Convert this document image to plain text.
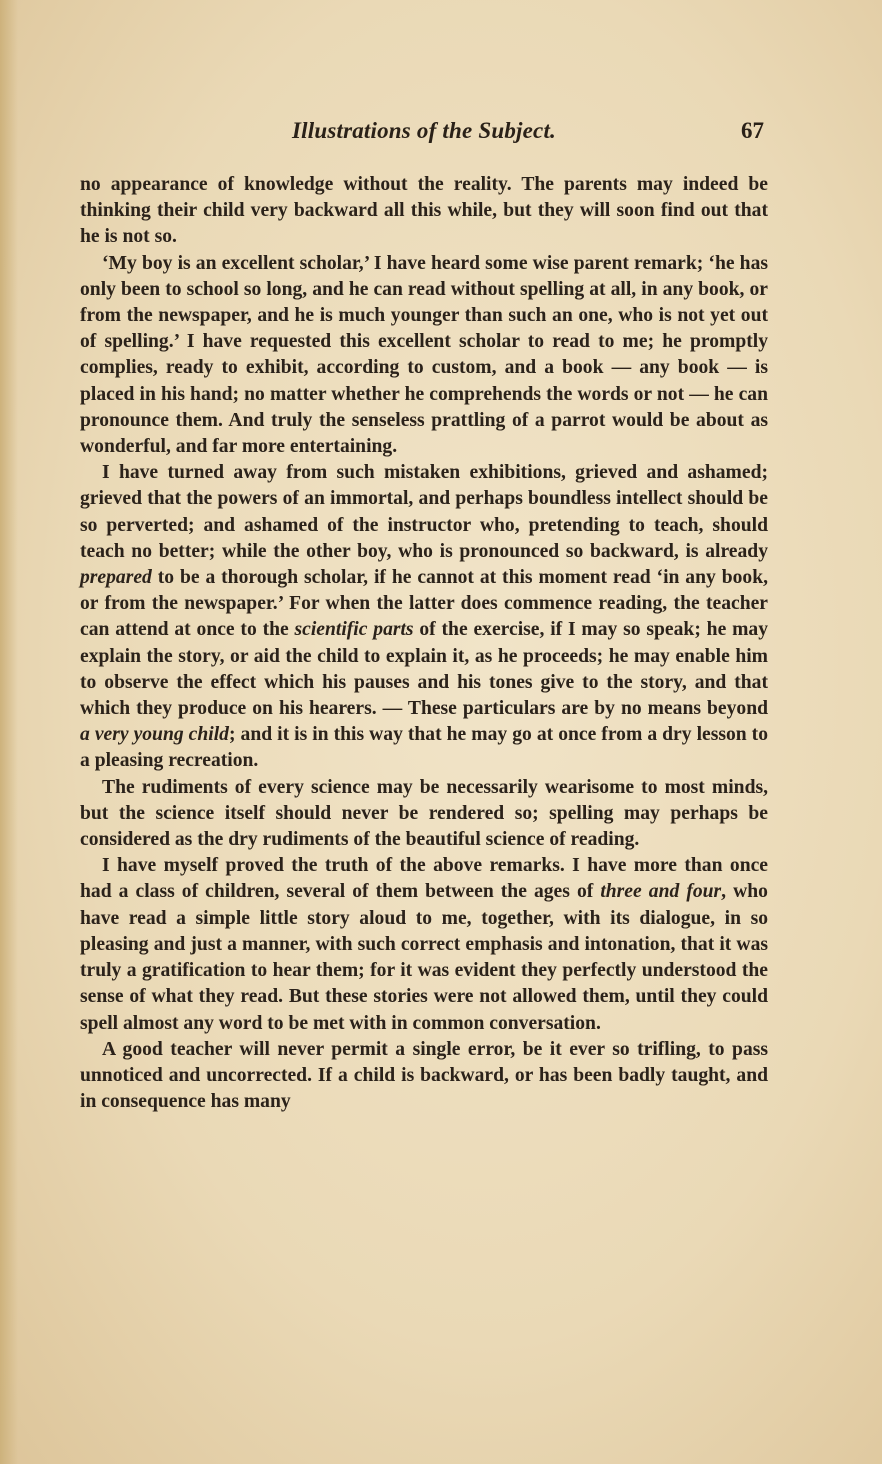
Illustrations of the Subject.	67

no appearance of knowledge without the reality. The parents may indeed be thinking their child very backward all this while, but they will soon find out that he is not so.

‘My boy is an excellent scholar,’ I have heard some wise parent remark; ‘he has only been to school so long, and he can read without spelling at all, in any book, or from the newspaper, and he is much younger than such an one, who is not yet out of spelling.’ I have requested this excellent scholar to read to me; he promptly complies, ready to exhibit, according to custom, and a book — any book — is placed in his hand; no matter whether he comprehends the words or not — he can pronounce them. And truly the senseless prattling of a parrot would be about as wonderful, and far more entertaining.

I have turned away from such mistaken exhibitions, grieved and ashamed; grieved that the powers of an immortal, and perhaps boundless intellect should be so perverted; and ashamed of the instructor who, pretending to teach, should teach no better; while the other boy, who is pronounced so backward, is already prepared to be a thorough scholar, if he cannot at this moment read ‘in any book, or from the newspaper.’ For when the latter does commence reading, the teacher can attend at once to the scientific parts of the exercise, if I may so speak; he may explain the story, or aid the child to explain it, as he proceeds; he may enable him to observe the effect which his pauses and his tones give to the story, and that which they produce on his hearers. — These particulars are by no means beyond a very young child; and it is in this way that he may go at once from a dry lesson to a pleasing recreation.

The rudiments of every science may be necessarily wearisome to most minds, but the science itself should never be rendered so; spelling may perhaps be considered as the dry rudiments of the beautiful science of reading.

I have myself proved the truth of the above remarks. I have more than once had a class of children, several of them between the ages of three and four, who have read a simple little story aloud to me, together, with its dialogue, in so pleasing and just a manner, with such correct emphasis and intonation, that it was truly a gratification to hear them; for it was evident they perfectly understood the sense of what they read. But these stories were not allowed them, until they could spell almost any word to be met with in common conversation.

A good teacher will never permit a single error, be it ever so trifling, to pass unnoticed and uncorrected. If a child is backward, or has been badly taught, and in consequence has many
